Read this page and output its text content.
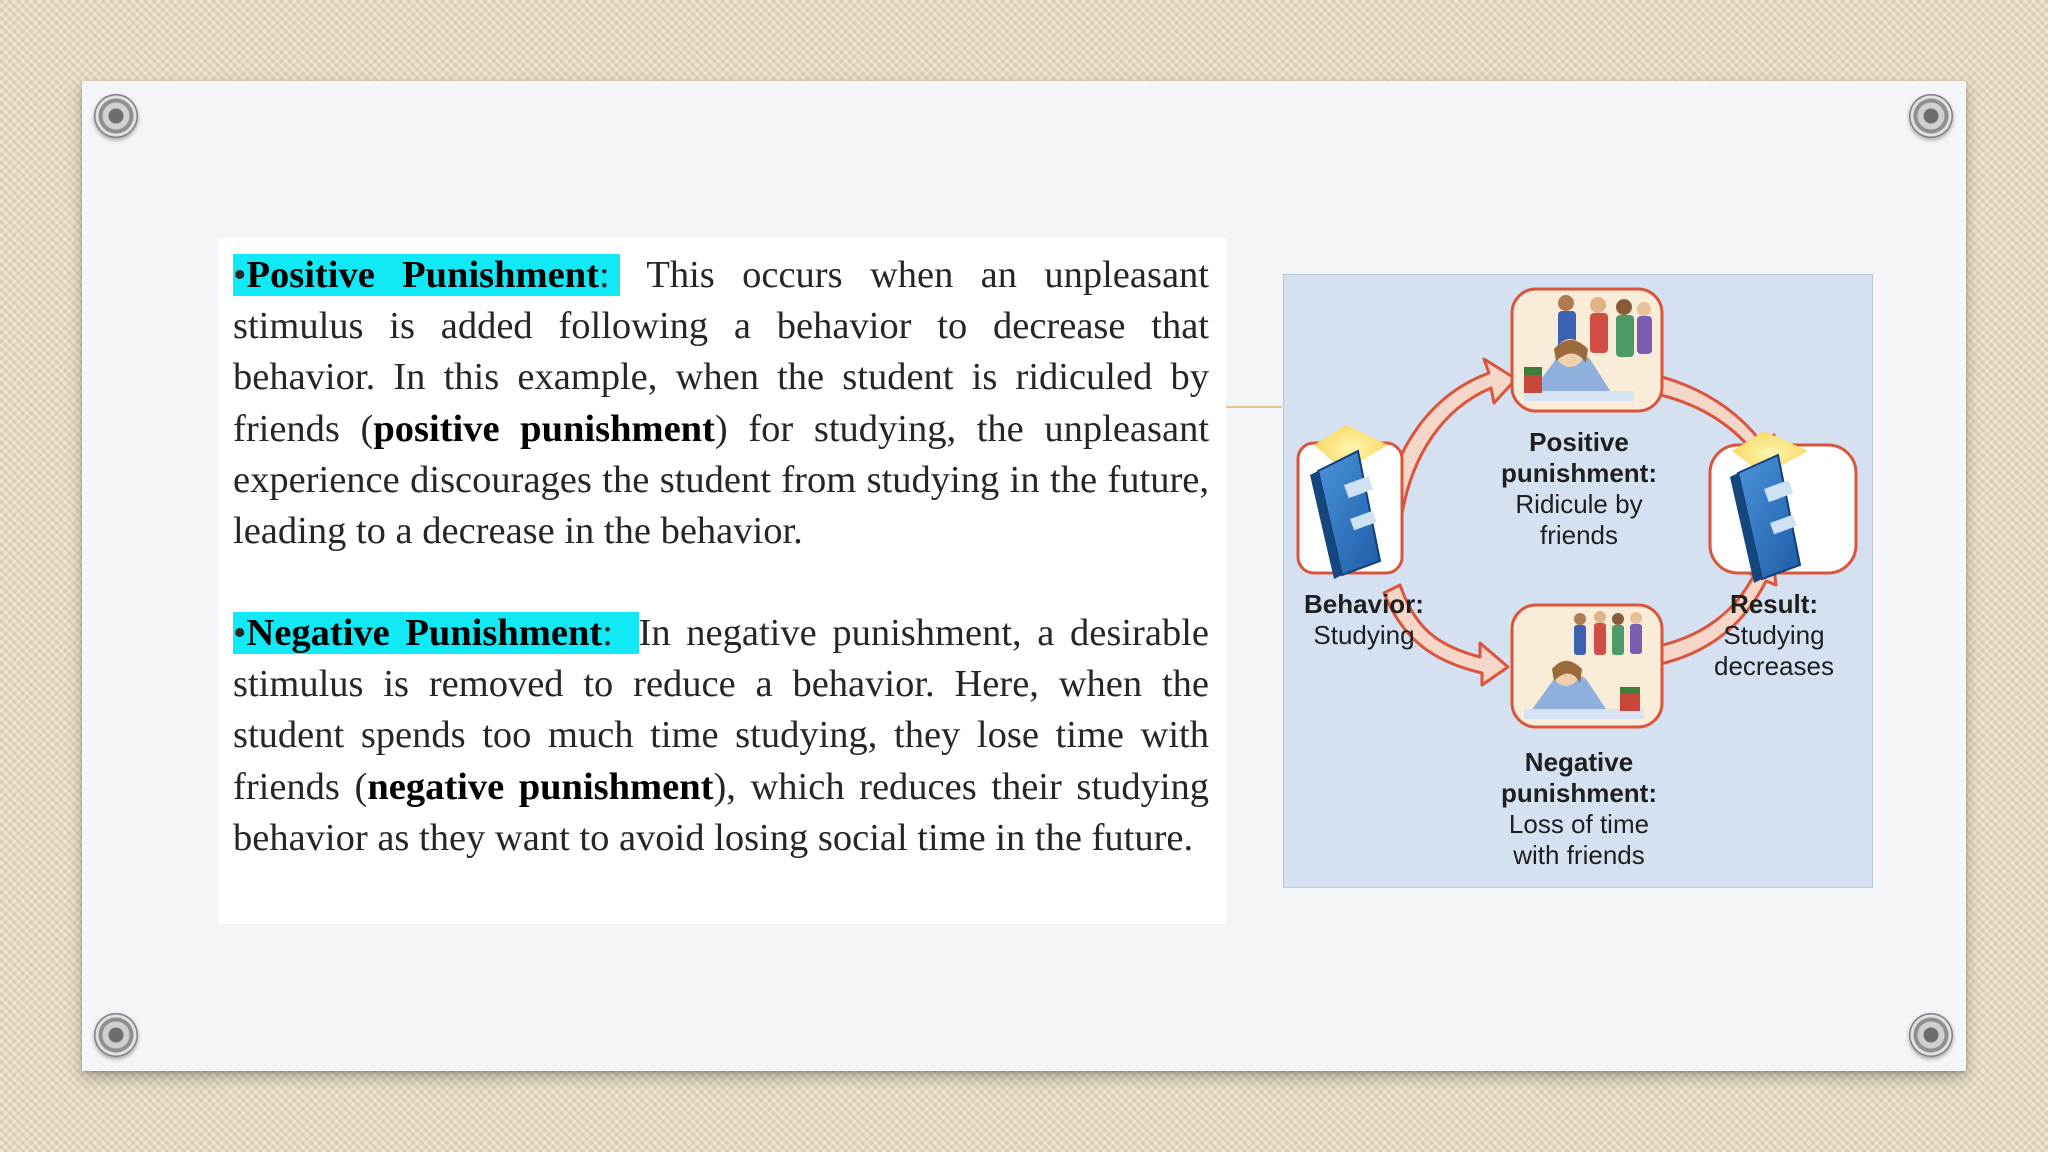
•Positive Punishment: This occurs when an unpleasant stimulus is added following a behavior to decrease that behavior. In this example, when the student is ridiculed by friends (positive punishment) for studying, the unpleasant experience discourages the student from studying in the future, leading to a decrease in the behavior.

•Negative Punishment: In negative punishment, a desirable stimulus is removed to reduce a behavior. Here, when the student spends too much time studying, they lose time with friends (negative punishment), which reduces their studying behavior as they want to avoid losing social time in the future.

Positive
punishment:
Ridicule by
friends
Behavior:
Studying
Result:
Studying
decreases
Negative
punishment:
Loss of time
with friends
